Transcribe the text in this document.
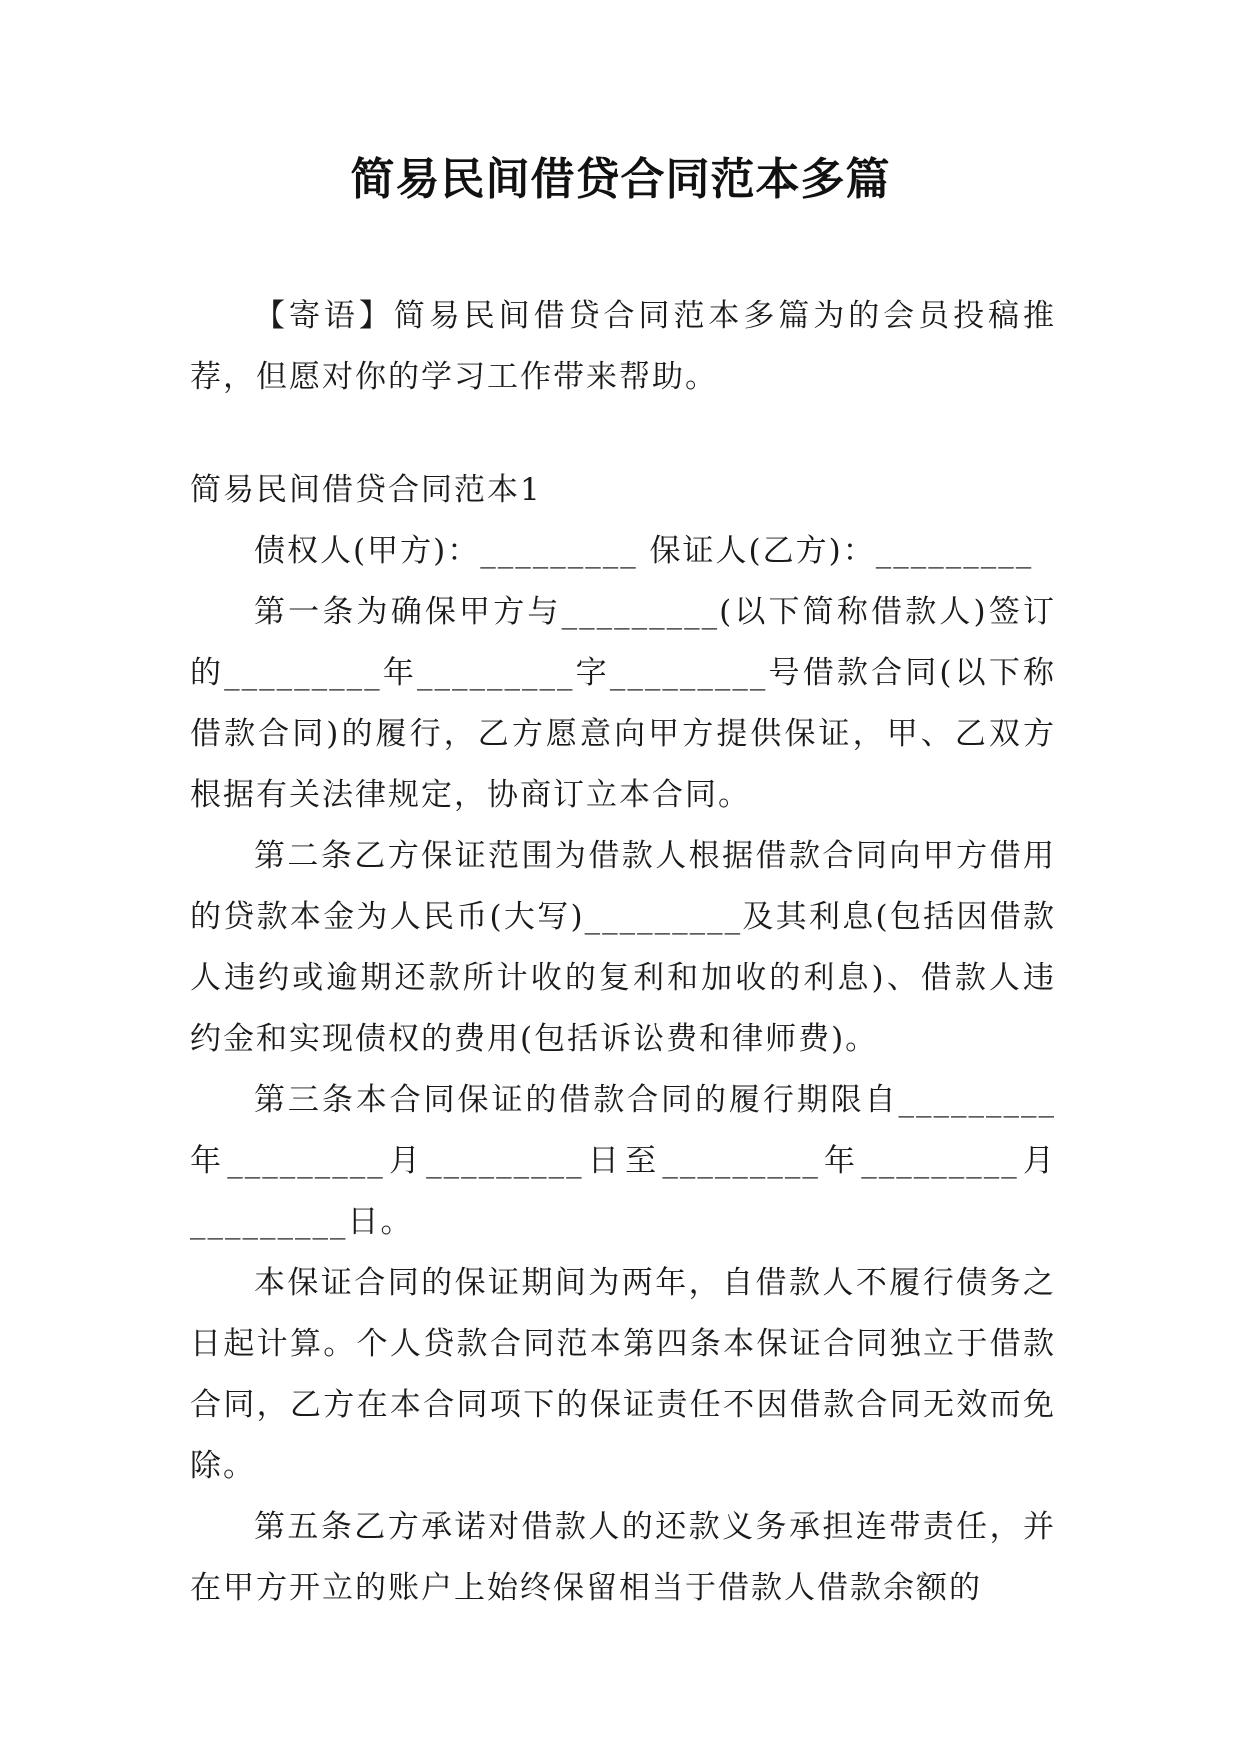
简易民间借贷合同范本多篇

【寄语】简易民间借贷合同范本多篇为的会员投稿推荐，但愿对你的学习工作带来帮助。

简易民间借贷合同范本1

债权人(甲方)：_________ 保证人(乙方)：_________

第一条为确保甲方与_________(以下简称借款人)签订的_________年_________字_________号借款合同(以下称借款合同)的履行，乙方愿意向甲方提供保证，甲、乙双方根据有关法律规定，协商订立本合同。

第二条乙方保证范围为借款人根据借款合同向甲方借用的贷款本金为人民币(大写)_________及其利息(包括因借款人违约或逾期还款所计收的复利和加收的利息)、借款人违约金和实现债权的费用(包括诉讼费和律师费)。

第三条本合同保证的借款合同的履行期限自_________年_________月_________日至_________年_________月_________日。

本保证合同的保证期间为两年，自借款人不履行债务之日起计算。个人贷款合同范本第四条本保证合同独立于借款合同，乙方在本合同项下的保证责任不因借款合同无效而免除。

第五条乙方承诺对借款人的还款义务承担连带责任，并在甲方开立的账户上始终保留相当于借款人借款余额的
